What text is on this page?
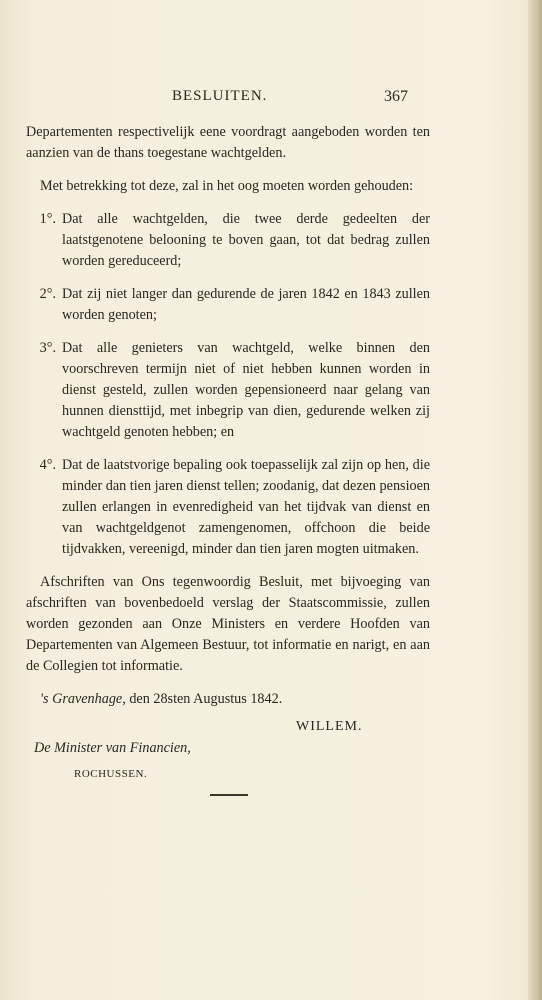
BESLUITEN.	367

Departementen respectivelijk eene voordragt aangeboden worden ten aanzien van de thans toegestane wachtgelden.

Met betrekking tot deze, zal in het oog moeten worden gehouden:

1°. Dat alle wachtgelden, die twee derde gedeelten der laatstgenotene belooning te boven gaan, tot dat bedrag zullen worden gereduceerd;
2°. Dat zij niet langer dan gedurende de jaren 1842 en 1843 zullen worden genoten;
3°. Dat alle genieters van wachtgeld, welke binnen den voorschreven termijn niet of niet hebben kunnen worden in dienst gesteld, zullen worden gepensioneerd naar gelang van hunnen diensttijd, met inbegrip van dien, gedurende welken zij wachtgeld genoten hebben; en
4°. Dat de laatstvorige bepaling ook toepasselijk zal zijn op hen, die minder dan tien jaren dienst tellen; zoodanig, dat dezen pensioen zullen erlangen in evenredigheid van het tijdvak van dienst en van wachtgeldgenot zamengenomen, offchoon die beide tijdvakken, vereenigd, minder dan tien jaren mogten uitmaken.

Afschriften van Ons tegenwoordig Besluit, met bijvoeging van afschriften van bovenbedoeld verslag der Staatscommissie, zullen worden gezonden aan Onze Ministers en verdere Hoofden van Departementen van Algemeen Bestuur, tot informatie en narigt, en aan de Collegien tot informatie.

's Gravenhage, den 28sten Augustus 1842.

WILLEM.
De Minister van Financien,
ROCHUSSEN.
